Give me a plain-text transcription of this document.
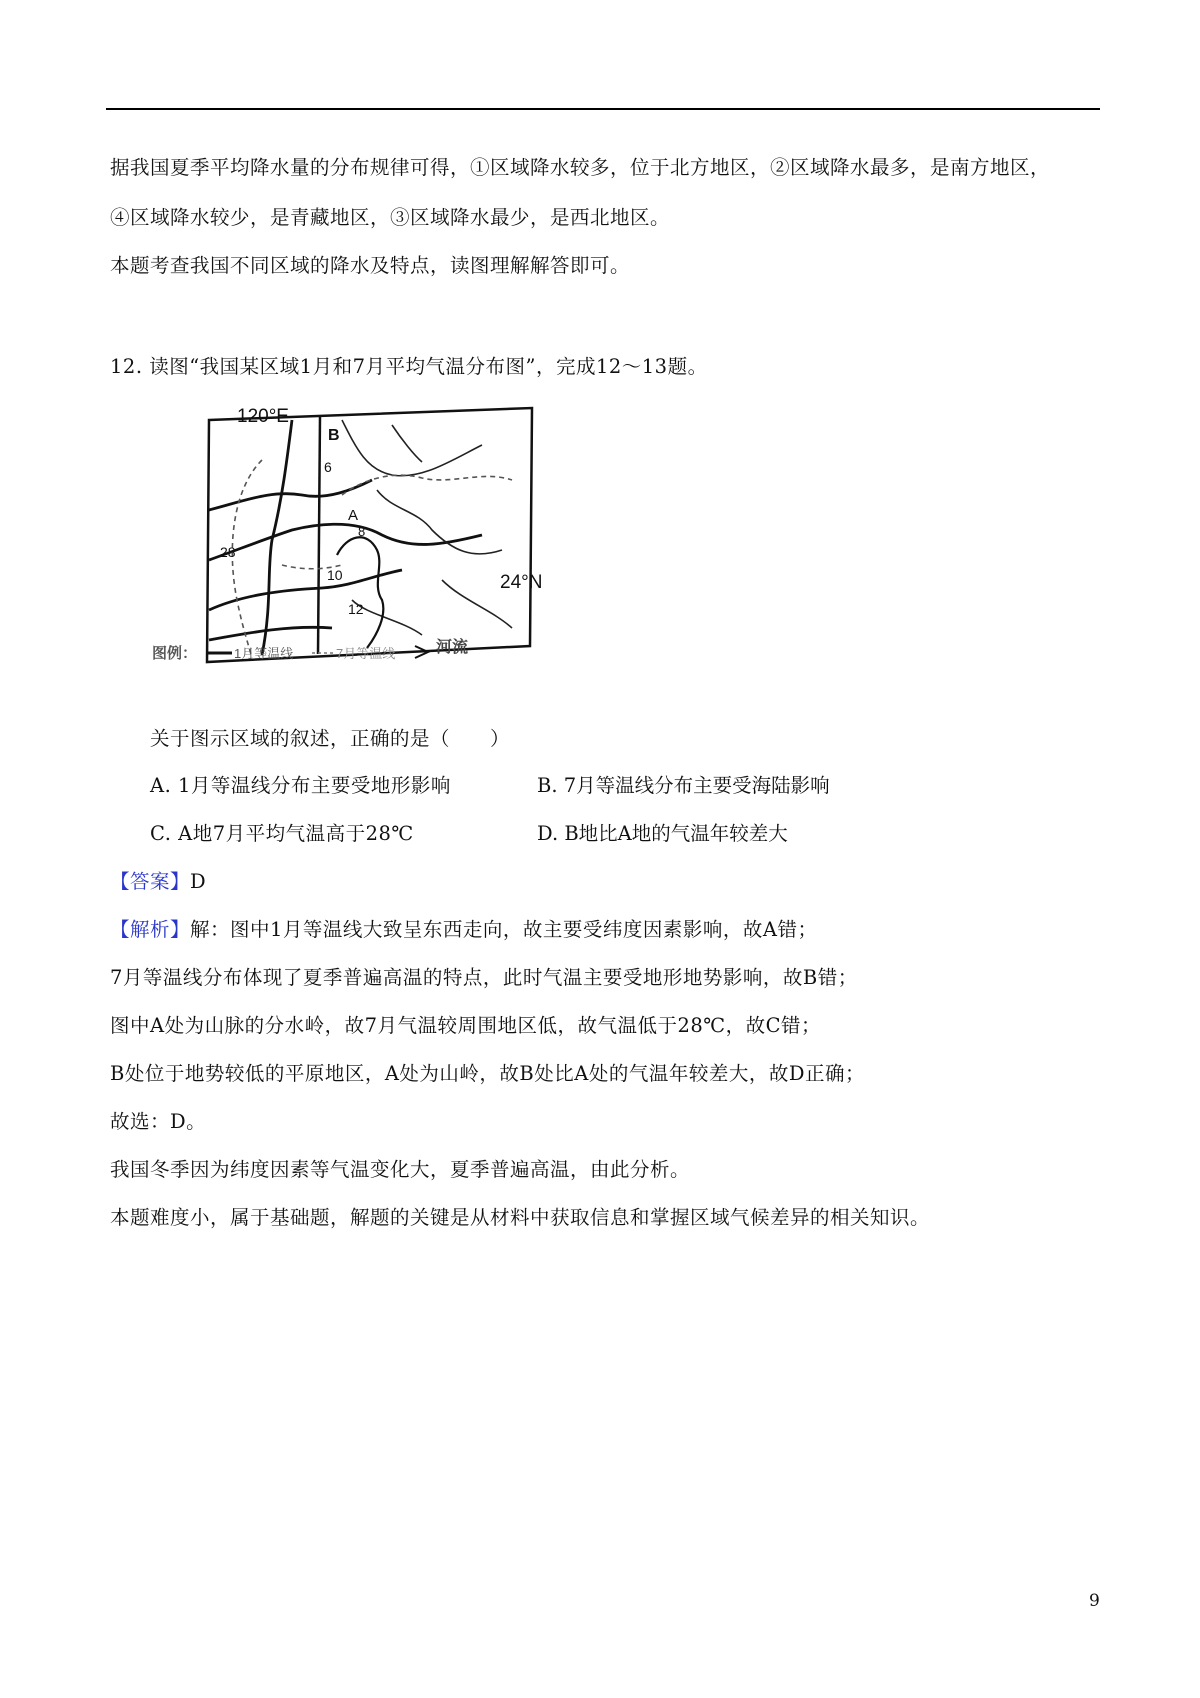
据我国夏季平均降水量的分布规律可得，①区域降水较多，位于北方地区，②区域降水最多，是南方地区，
④区域降水较少，是青藏地区，③区域降水最少，是西北地区。
本题考查我国不同区域的降水及特点，读图理解解答即可。
12. 读图“我国某区域1月和7月平均气温分布图”，完成12～13题。
120°E
24°N
B
6
A
8
28
10
12
图例：	1月等温线	7月等温线	河流
关于图示区域的叙述，正确的是（　　）
A. 1月等温线分布主要受地形影响	B. 7月等温线分布主要受海陆影响
C. A地7月平均气温高于28℃	D. B地比A地的气温年较差大
【答案】D
【解析】解：图中1月等温线大致呈东西走向，故主要受纬度因素影响，故A错；
7月等温线分布体现了夏季普遍高温的特点，此时气温主要受地形地势影响，故B错；
图中A处为山脉的分水岭，故7月气温较周围地区低，故气温低于28℃，故C错；
B处位于地势较低的平原地区，A处为山岭，故B处比A处的气温年较差大，故D正确；
故选：D。
我国冬季因为纬度因素等气温变化大，夏季普遍高温，由此分析。
本题难度小，属于基础题，解题的关键是从材料中获取信息和掌握区域气候差异的相关知识。
9
